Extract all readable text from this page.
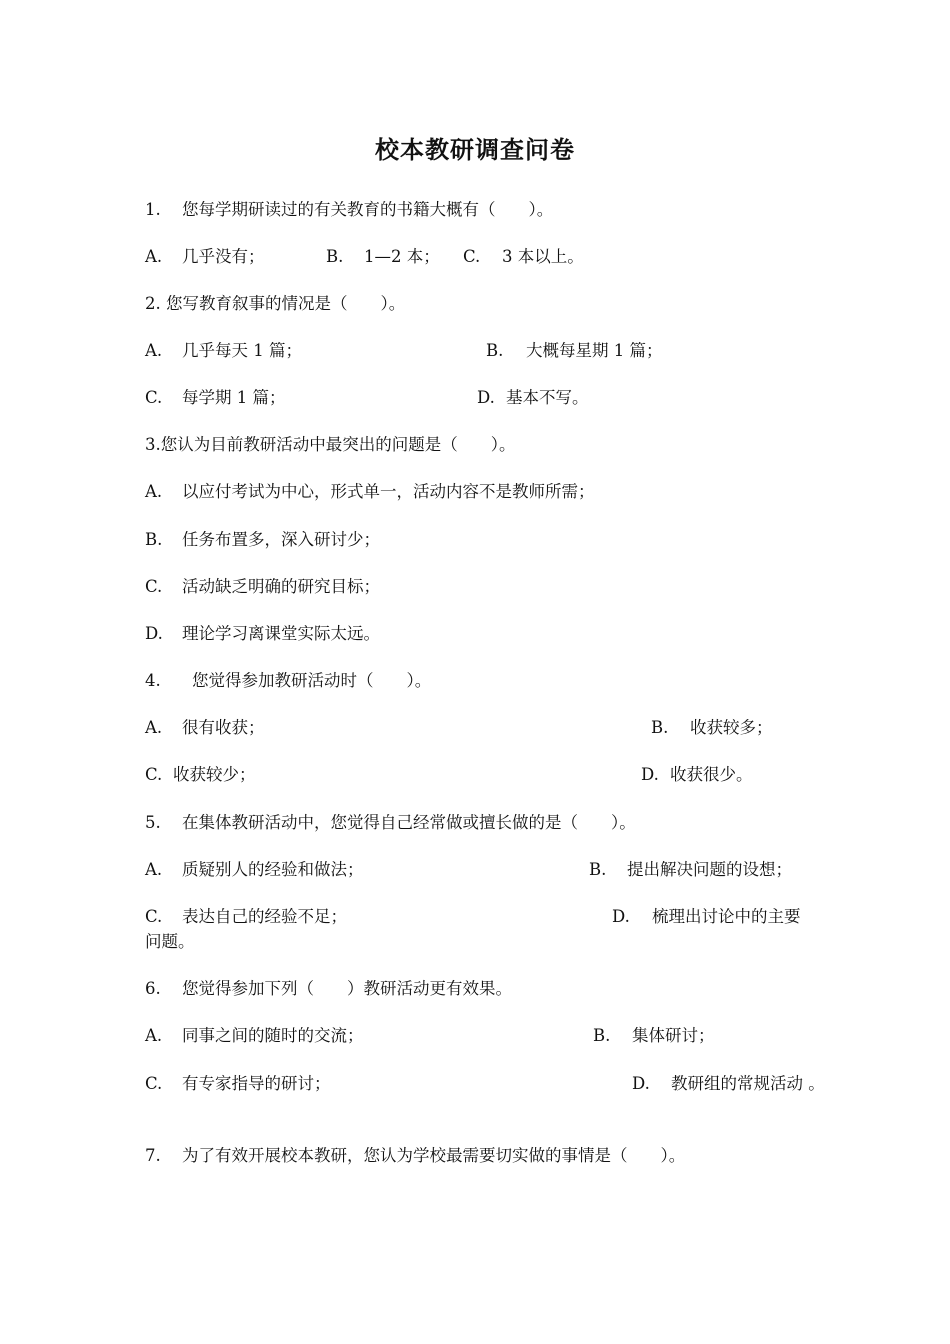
校本教研调查问卷
1. 您每学期研读过的有关教育的书籍大概有（　　）。
A. 几乎没有；	B. 1—2 本； C. 3 本以上。
2. 您写教育叙事的情况是（　　）。
A. 几乎每天 1 篇；	B. 大概每星期 1 篇；
C. 每学期 1 篇；	D. 基本不写。
3.您认为目前教研活动中最突出的问题是（　　）。
A. 以应付考试为中心，形式单一，活动内容不是教师所需；
B. 任务布置多，深入研讨少；
C. 活动缺乏明确的研究目标；
D. 理论学习离课堂实际太远。
4. 您觉得参加教研活动时（　　）。
A. 很有收获；	B. 收获较多；
C. 收获较少；	D. 收获很少。
5. 在集体教研活动中，您觉得自己经常做或擅长做的是（　　）。
A. 质疑别人的经验和做法；	B. 提出解决问题的设想；
C. 表达自己的经验不足；	D. 梳理出讨论中的主要
问题。
6. 您觉得参加下列（　　）教研活动更有效果。
A. 同事之间的随时的交流；	B. 集体研讨；
C. 有专家指导的研讨；	D. 教研组的常规活动 。
7. 为了有效开展校本教研，您认为学校最需要切实做的事情是（　　）。
